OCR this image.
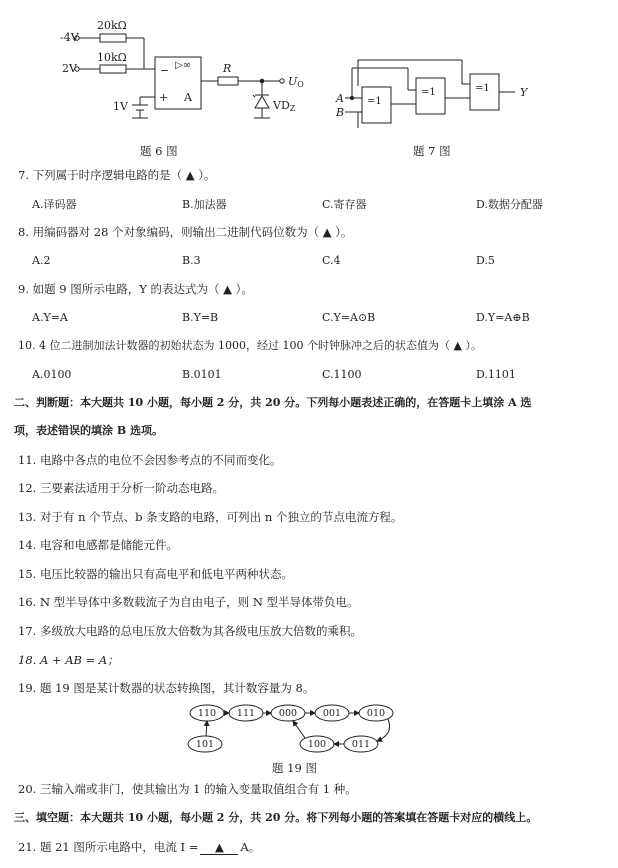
-4V
2V
20kΩ
10kΩ
▷∞
−
+ A
R
1V
UO
VDZ
题 6 图
A
B
=1
=1	=1	Y
题 7 图
7. 下列属于时序逻辑电路的是（ ▲ ）。
A.译码器	B.加法器	C.寄存器	D.数据分配器
8. 用编码器对 28 个对象编码，则输出二进制代码位数为（ ▲ ）。
A.2	B.3	C.4	D.5
9. 如题 9 图所示电路，Y 的表达式为（ ▲ ）。
A.Y=A	B.Y=B	C.Y=A⊙B	D.Y=A⊕B
10. 4 位二进制加法计数器的初始状态为 1000，经过 100 个时钟脉冲之后的状态值为（ ▲ ）。
A.0100	B.0101	C.1100	D.1101
二、判断题：本大题共 10 小题，每小题 2 分，共 20 分。下列每小题表述正确的，在答题卡上填涂 A 选
项，表述错误的填涂 B 选项。
11. 电路中各点的电位不会因参考点的不同而变化。
12. 三要素法适用于分析一阶动态电路。
13. 对于有 n 个节点、b 条支路的电路，可列出 n 个独立的节点电流方程。
14. 电容和电感都是储能元件。
15. 电压比较器的输出只有高电平和低电平两种状态。
16. N 型半导体中多数载流子为自由电子，则 N 型半导体带负电。
17. 多级放大电路的总电压放大倍数为其各级电压放大倍数的乘积。
18. A + AB = A；
19. 题 19 图是某计数器的状态转换图，其计数容量为 8。
110 111	000	001	010
011
100
101
题 19 图
20. 三输入端或非门，使其输出为 1 的输入变量取值组合有 1 种。
三、填空题：本大题共 10 小题，每小题 2 分，共 20 分。将下列每小题的答案填在答题卡对应的横线上。
21. 题 21 图所示电路中，电流 I = ▲ A。
